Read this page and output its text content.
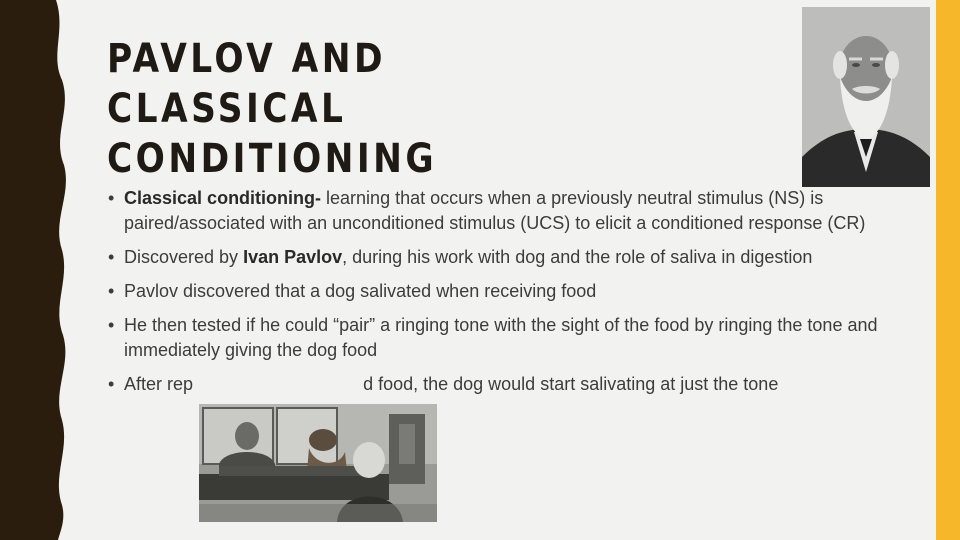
PAVLOV AND CLASSICAL
CONDITIONING
• Classical conditioning- learning that occurs when a previously neutral stimulus (NS) is paired/associated with an unconditioned stimulus (UCS) to elicit a conditioned response (CR)
• Discovered by Ivan Pavlov, during his work with dog and the role of saliva in digestion
• Pavlov discovered that a dog salivated when receiving food
• He then tested if he could “pair” a ringing tone with the sight of the food by ringing the tone and immediately giving the dog food
• After rep                                  d food, the dog would start salivating at just the tone
